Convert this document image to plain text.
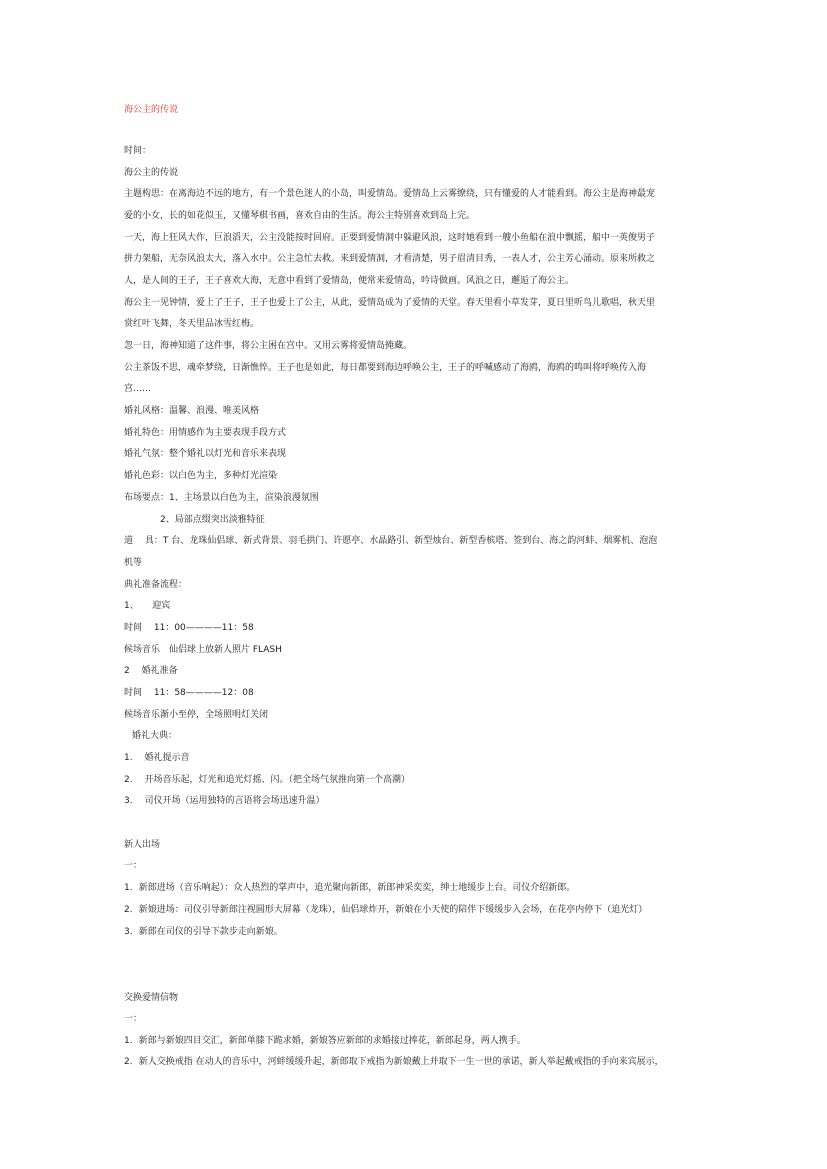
海公主的传说
时间：
海公主的传说
主题构思：在离海边不远的地方，有一个景色迷人的小岛，叫爱情岛。爱情岛上云雾缭绕，只有懂爱的人才能看到。海公主是海神最宠
爱的小女，长的如花似玉，又懂琴棋书画，喜欢自由的生活。海公主特别喜欢到岛上完。
一天，海上狂风大作，巨浪滔天，公主没能按时回府。正要到爱情洞中躲避风浪，这时她看到一艘小鱼船在浪中飘摇，船中一英俊男子
拼力架船，无奈风浪太大，落入水中。公主急忙去救。来到爱情洞，才看清楚，男子眉清目秀，一表人才，公主芳心涌动。原来所救之
人，是人间的王子，王子喜欢大海，无意中看到了爱情岛，便常来爱情岛，吟诗做画。风浪之日，邂逅了海公主。
海公主一见钟情，爱上了王子，王子也爱上了公主，从此，爱情岛成为了爱情的天堂。春天里看小草发芽，夏日里听鸟儿歌唱，秋天里
赏红叶飞舞，冬天里品冰雪红梅。
忽一日，海神知道了这件事，将公主困在宫中。又用云雾将爱情岛掩藏。
公主茶饭不思，魂牵梦绕，日渐憔悴。王子也是如此，每日都要到海边呼唤公主，王子的呼喊感动了海鸥，海鸥的鸣叫将呼唤传入海
宫……
婚礼风格：温馨、浪漫、唯美风格
婚礼特色：用情感作为主要表现手段方式
婚礼气氛：整个婚礼以灯光和音乐来表现
婚礼色彩：以白色为主，多种灯光渲染
布场要点：1、主场景以白色为主，渲染浪漫氛围
2、局部点缀突出淡雅特征
道　 具：T 台、龙珠仙侣球、新式背景、羽毛拱门、许愿亭、水晶路引、新型烛台、新型香槟塔、签到台、海之韵河蚌、烟雾机、泡泡
机等
典礼准备流程：
1、　　迎宾
时间　 11：00————11：58
候场音乐　仙侣球上放新人照片 FLASH
2　 婚礼准备
时间　 11：58————12：08
候场音乐渐小至停，全场照明灯关闭
婚礼大典：
1.　 婚礼提示音
2.　 开场音乐起，灯光和追光灯摇、闪。（把全场气氛推向第一个高潮）
3.　 司仪开场（运用独特的言语将会场迅速升温）
新人出场
一：
1．新郎进场（音乐响起）：众人热烈的掌声中，追光聚向新郎，新郎神采奕奕，绅士地缓步上台。司仪介绍新郎。
2．新娘进场：司仪引导新郎注视圆形大屏幕（龙珠），仙侣球炸开，新娘在小天使的陪伴下缓缓步入会场，在花亭内停下（追光灯）
3．新郎在司仪的引导下款步走向新娘。
交换爱情信物
一：
1．新郎与新娘四目交汇，新郎单膝下跪求婚，新娘答应新郎的求婚接过捧花，新郎起身，两人携手。
2．新人交换戒指 在动人的音乐中，河蚌缓缓升起，新郎取下戒指为新娘戴上并取下一生一世的承诺，新人举起戴戒指的手向来宾展示，
